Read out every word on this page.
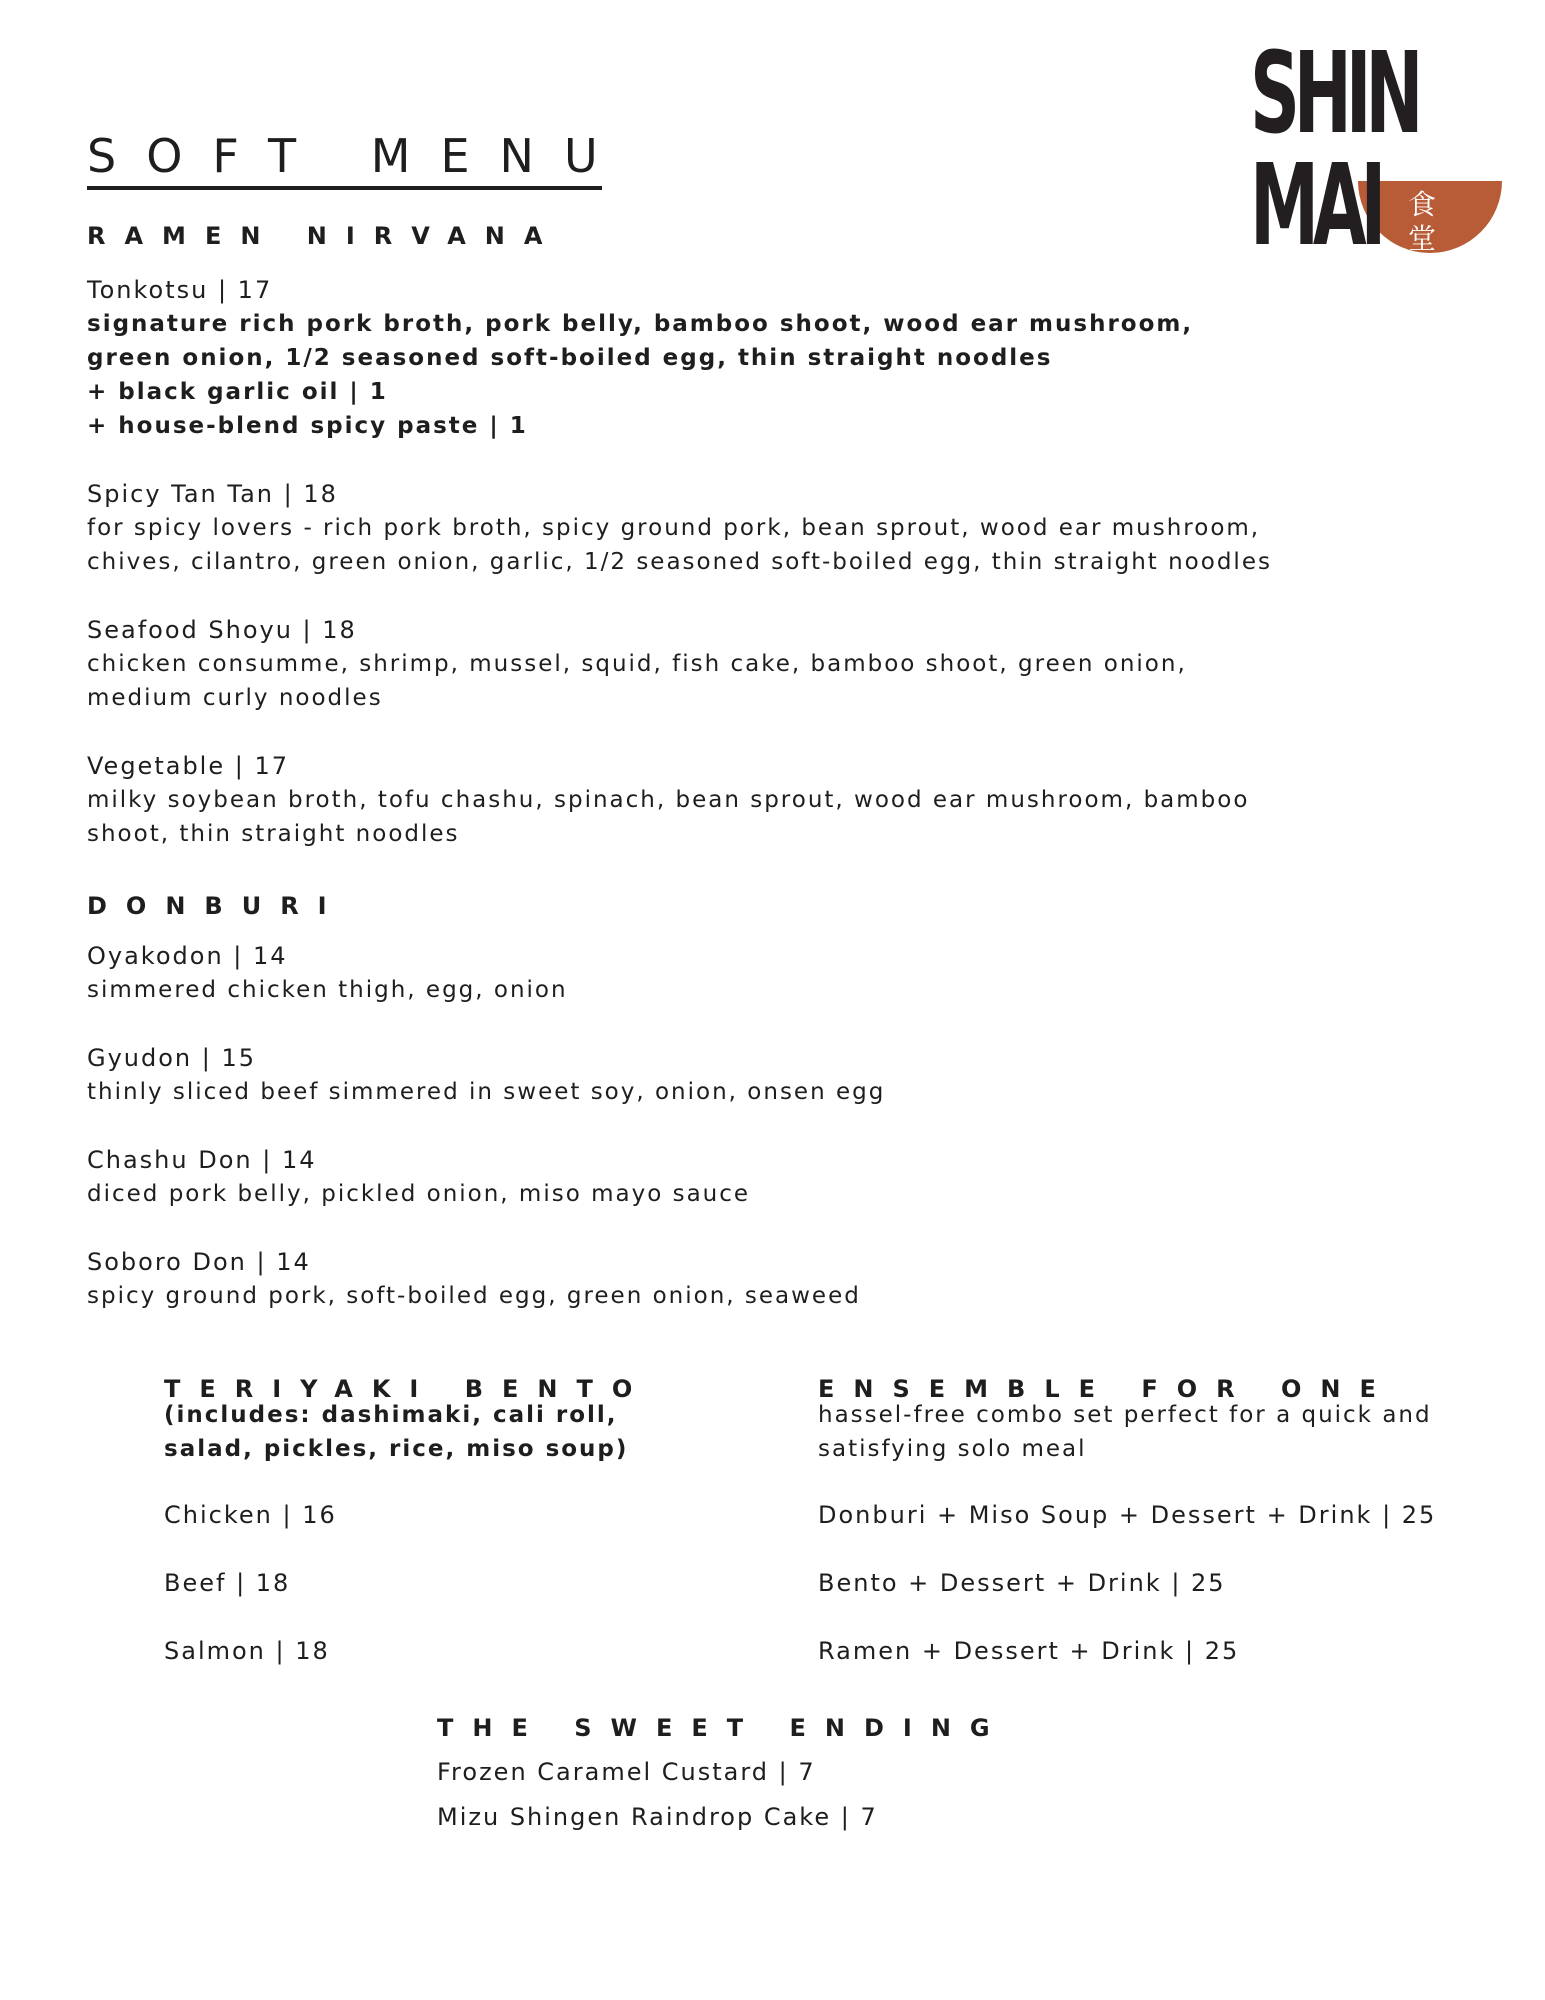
SOFT MENU	SHIN
MAI 食
堂
RAMEN NIRVANA
Tonkotsu | 17
signature rich pork broth, pork belly, bamboo shoot, wood ear mushroom,
green onion, 1/2 seasoned soft-boiled egg, thin straight noodles
+ black garlic oil | 1
+ house-blend spicy paste | 1
Spicy Tan Tan | 18
for spicy lovers - rich pork broth, spicy ground pork, bean sprout, wood ear mushroom,
chives, cilantro, green onion, garlic, 1/2 seasoned soft-boiled egg, thin straight noodles
Seafood Shoyu | 18
chicken consumme, shrimp, mussel, squid, fish cake, bamboo shoot, green onion,
medium curly noodles
Vegetable | 17
milky soybean broth, tofu chashu, spinach, bean sprout, wood ear mushroom, bamboo
shoot, thin straight noodles
DONBURI
Oyakodon | 14
simmered chicken thigh, egg, onion
Gyudon | 15
thinly sliced beef simmered in sweet soy, onion, onsen egg
Chashu Don | 14
diced pork belly, pickled onion, miso mayo sauce
Soboro Don | 14
spicy ground pork, soft-boiled egg, green onion, seaweed
TERIYAKI BENTO
(includes: dashimaki, cali roll,
salad, pickles, rice, miso soup)
Chicken | 16
Beef | 18
Salmon | 18
ENSEMBLE FOR ONE
hassel-free combo set perfect for a quick and
satisfying solo meal
Donburi + Miso Soup + Dessert + Drink | 25
Bento + Dessert + Drink | 25
Ramen + Dessert + Drink | 25
THE SWEET ENDING
Frozen Caramel Custard | 7
Mizu Shingen Raindrop Cake | 7
